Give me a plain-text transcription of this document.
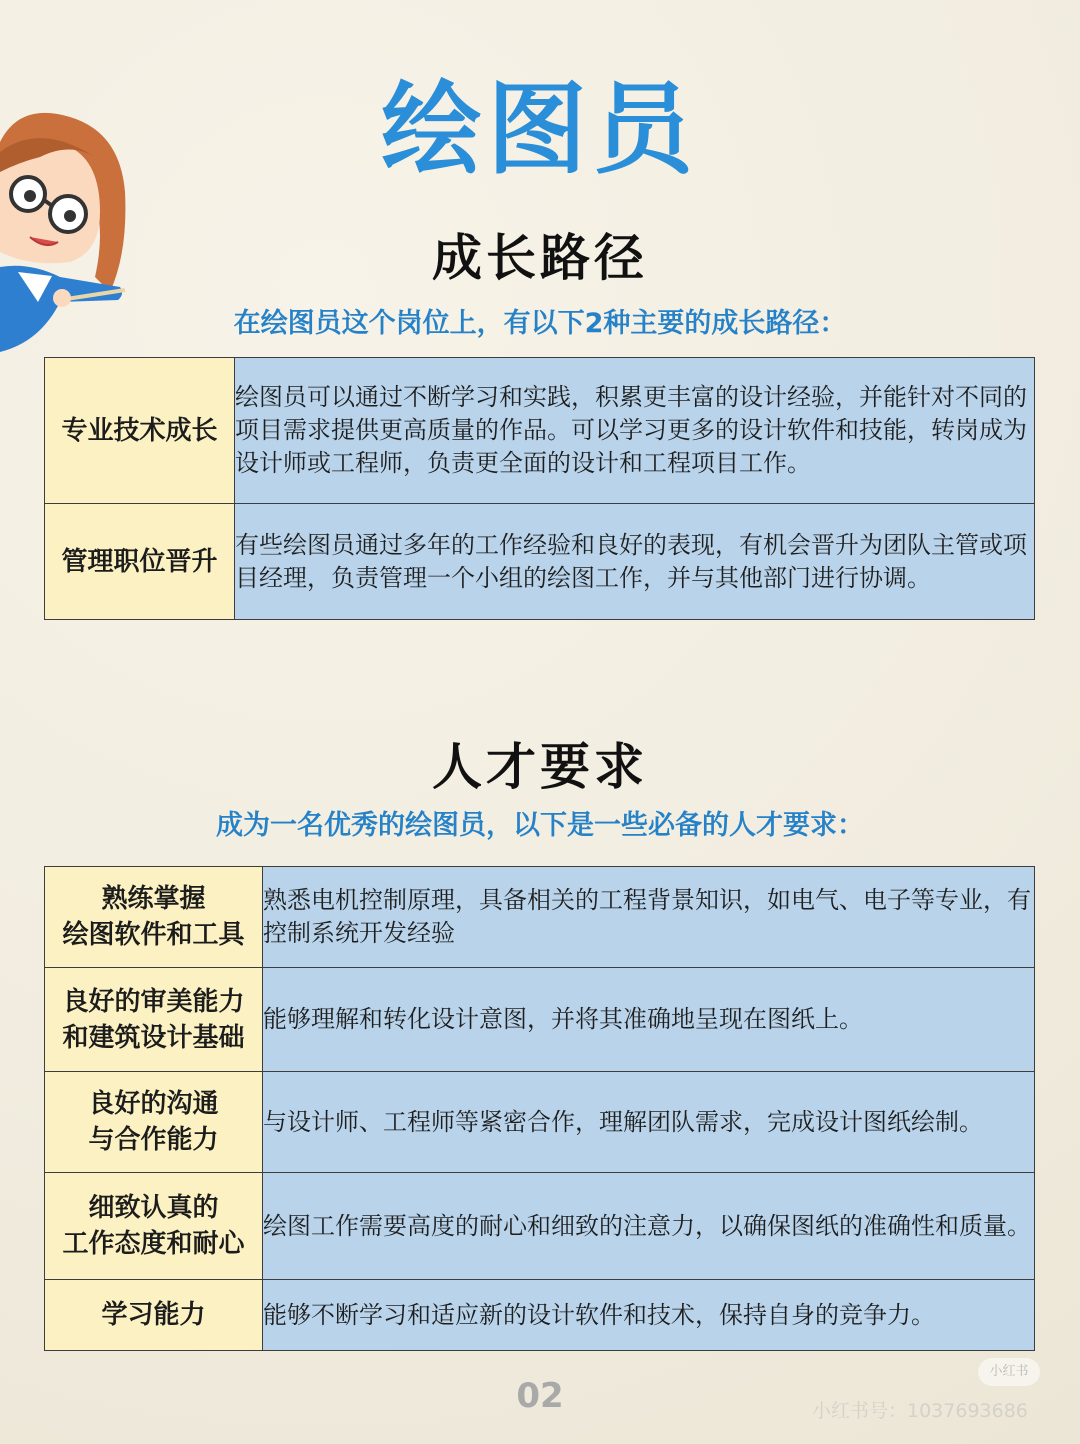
绘图员
成长路径
在绘图员这个岗位上，有以下2种主要的成长路径：
专业技术成长	绘图员可以通过不断学习和实践，积累更丰富的设计经验，并能针对不同的项目需求提供更高质量的作品。可以学习更多的设计软件和技能，转岗成为设计师或工程师，负责更全面的设计和工程项目工作。
管理职位晋升	有些绘图员通过多年的工作经验和良好的表现，有机会晋升为团队主管或项目经理，负责管理一个小组的绘图工作，并与其他部门进行协调。
人才要求
成为一名优秀的绘图员，以下是一些必备的人才要求：
熟练掌握
绘图软件和工具	熟悉电机控制原理，具备相关的工程背景知识，如电气、电子等专业，有控制系统开发经验

良好的审美能力
和建筑设计基础	能够理解和转化设计意图，并将其准确地呈现在图纸上。

良好的沟通
与合作能力	与设计师、工程师等紧密合作，理解团队需求，完成设计图纸绘制。

细致认真的
工作态度和耐心	绘图工作需要高度的耐心和细致的注意力，以确保图纸的准确性和质量。

学习能力	能够不断学习和适应新的设计软件和技术，保持自身的竞争力。
02
小红书
小红书号：1037693686
